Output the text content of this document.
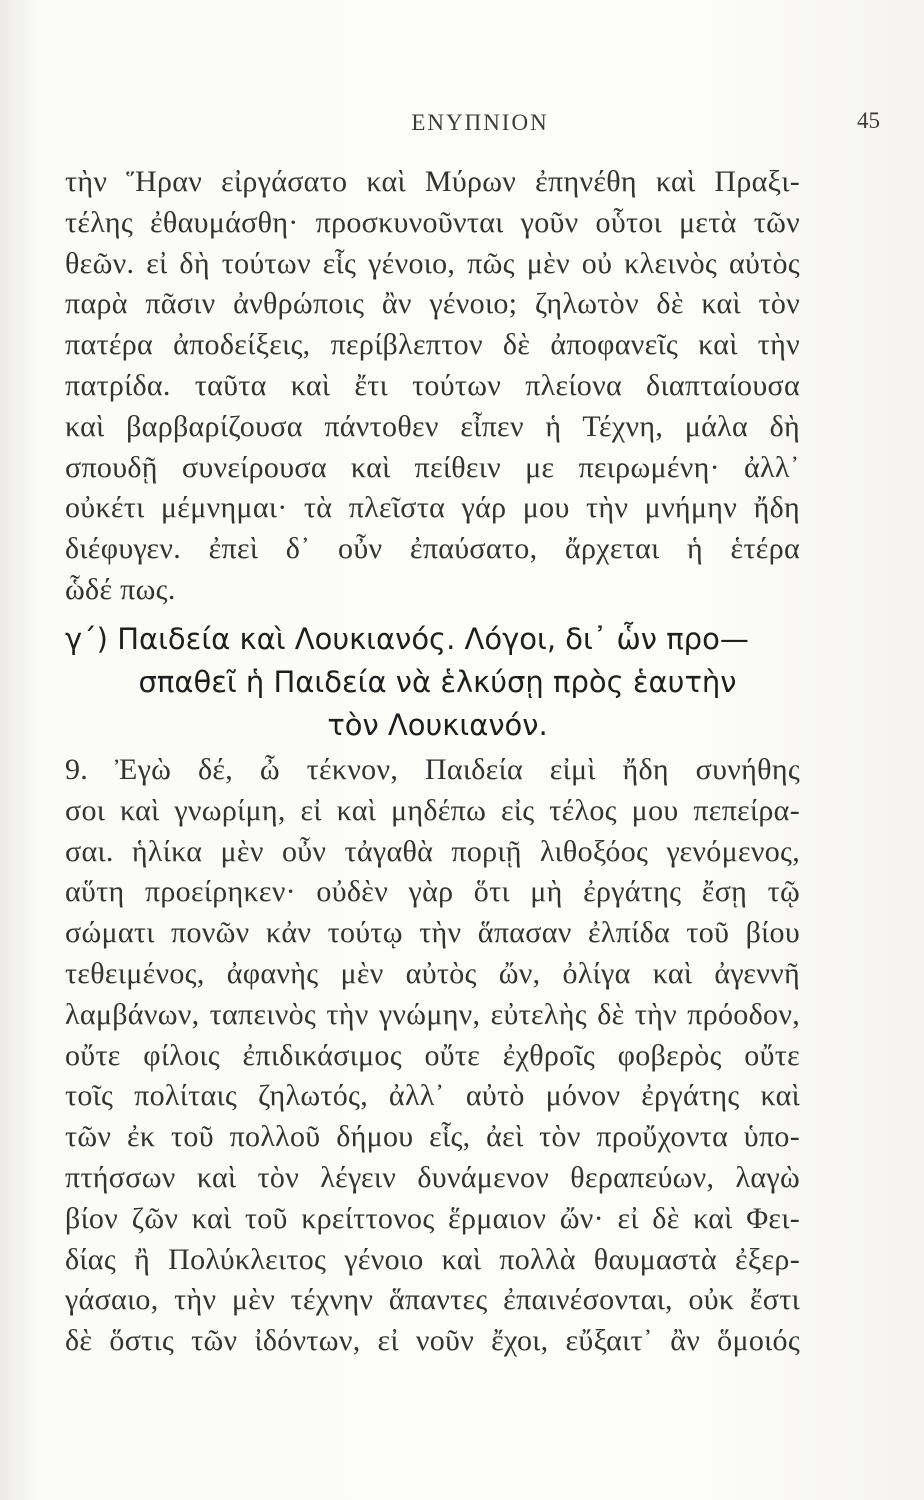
ΕΝΥΠΝΙΟΝ	45
τὴν Ἥραν εἰργάσατο καὶ Μύρων ἐπηνέθη καὶ Πραξι-
τέλης ἐθαυμάσθη· προσκυνοῦνται γοῦν οὗτοι μετὰ τῶν
θεῶν. εἰ δὴ τούτων εἷς γένοιο, πῶς μὲν οὐ κλεινὸς αὐτὸς
παρὰ πᾶσιν ἀνθρώποις ἂν γένοιο; ζηλωτὸν δὲ καὶ τὸν
πατέρα ἀποδείξεις, περίβλεπτον δὲ ἀποφανεῖς καὶ τὴν
πατρίδα. ταῦτα καὶ ἔτι τούτων πλείονα διαπταίουσα
καὶ βαρβαρίζουσα πάντοθεν εἶπεν ἡ Τέχνη, μάλα δὴ
σπουδῇ συνείρουσα καὶ πείθειν με πειρωμένη· ἀλλ᾽
οὐκέτι μέμνημαι· τὰ πλεῖστα γάρ μου τὴν μνήμην ἤδη
διέφυγεν. ἐπεὶ δ᾽ οὖν ἐπαύσατο, ἄρχεται ἡ ἑτέρα
ὧδέ πως.
γ΄) Παιδεία καὶ Λουκιανός. Λόγοι, δι᾽ ὧν προ—
σπαθεῖ ἡ Παιδεία νὰ ἑλκύσῃ πρὸς ἑαυτὴν
τὸν Λουκιανόν.
9. Ἐγὼ δέ, ὦ τέκνον, Παιδεία εἰμὶ ἤδη συνήθης
σοι καὶ γνωρίμη, εἰ καὶ μηδέπω εἰς τέλος μου πεπείρα-
σαι. ἡλίκα μὲν οὖν τἀγαθὰ ποριῇ λιθοξόος γενόμενος,
αὕτη προείρηκεν· οὐδὲν γὰρ ὅτι μὴ ἐργάτης ἔσῃ τῷ
σώματι πονῶν κἀν τούτῳ τὴν ἅπασαν ἐλπίδα τοῦ βίου
τεθειμένος, ἀφανὴς μὲν αὐτὸς ὤν, ὀλίγα καὶ ἀγεννῆ
λαμβάνων, ταπεινὸς τὴν γνώμην, εὐτελὴς δὲ τὴν πρόοδον,
οὔτε φίλοις ἐπιδικάσιμος οὔτε ἐχθροῖς φοβερὸς οὔτε
τοῖς πολίταις ζηλωτός, ἀλλ᾽ αὐτὸ μόνον ἐργάτης καὶ
τῶν ἐκ τοῦ πολλοῦ δήμου εἷς, ἀεὶ τὸν προὔχοντα ὑπο-
πτήσσων καὶ τὸν λέγειν δυνάμενον θεραπεύων, λαγὼ
βίον ζῶν καὶ τοῦ κρείττονος ἕρμαιον ὤν· εἰ δὲ καὶ Φει-
δίας ἢ Πολύκλειτος γένοιο καὶ πολλὰ θαυμαστὰ ἐξερ-
γάσαιο, τὴν μὲν τέχνην ἅπαντες ἐπαινέσονται, οὐκ ἔστι
δὲ ὅστις τῶν ἰδόντων, εἰ νοῦν ἔχοι, εὔξαιτ᾽ ἂν ὅμοιός
